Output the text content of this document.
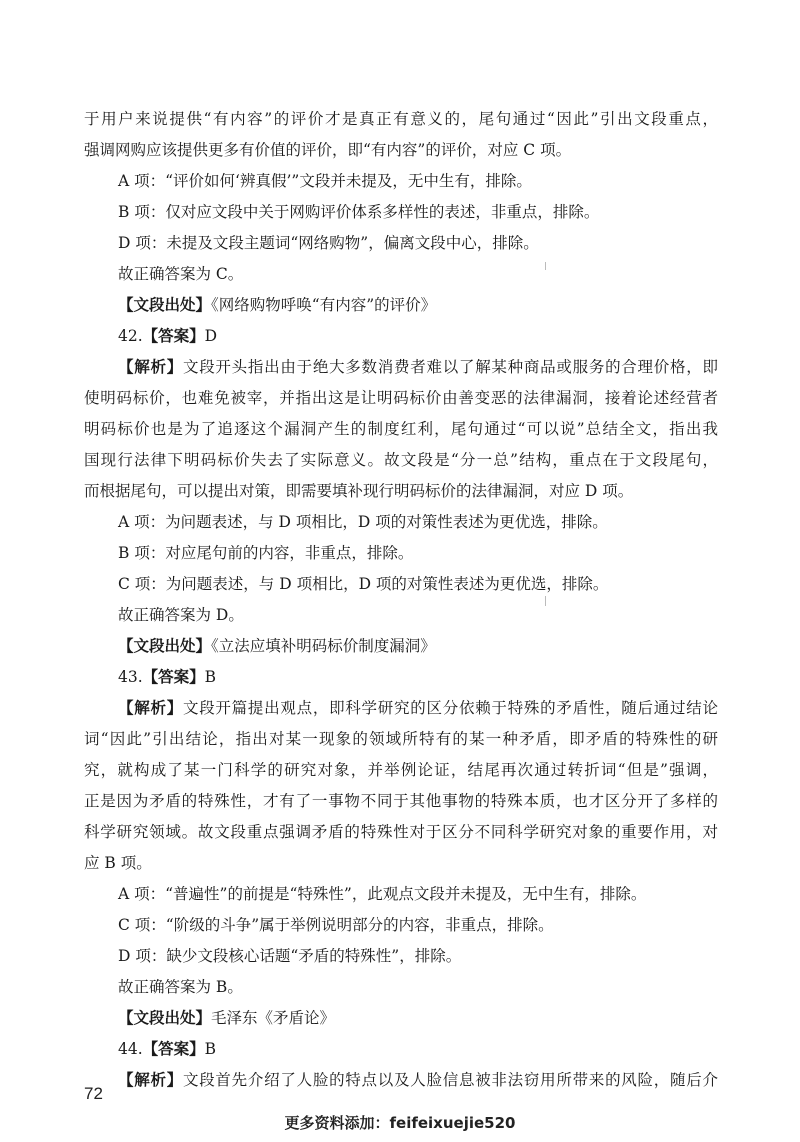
于用户来说提供“有内容”的评价才是真正有意义的，尾句通过“因此”引出文段重点，
强调网购应该提供更多有价值的评价，即“有内容”的评价，对应 C 项。
A 项：“评价如何‘辨真假’”文段并未提及，无中生有，排除。
B 项：仅对应文段中关于网购评价体系多样性的表述，非重点，排除。
D 项：未提及文段主题词“网络购物”，偏离文段中心，排除。
故正确答案为 C。
【文段出处】《网络购物呼唤“有内容”的评价》
42.【答案】D
【解析】文段开头指出由于绝大多数消费者难以了解某种商品或服务的合理价格，即
使明码标价，也难免被宰，并指出这是让明码标价由善变恶的法律漏洞，接着论述经营者
明码标价也是为了追逐这个漏洞产生的制度红利，尾句通过“可以说”总结全文，指出我
国现行法律下明码标价失去了实际意义。故文段是“分一总”结构，重点在于文段尾句，
而根据尾句，可以提出对策，即需要填补现行明码标价的法律漏洞，对应 D 项。
A 项：为问题表述，与 D 项相比，D 项的对策性表述为更优选，排除。
B 项：对应尾句前的内容，非重点，排除。
C 项：为问题表述，与 D 项相比，D 项的对策性表述为更优选，排除。
故正确答案为 D。
【文段出处】《立法应填补明码标价制度漏洞》
43.【答案】B
【解析】文段开篇提出观点，即科学研究的区分依赖于特殊的矛盾性，随后通过结论
词“因此”引出结论，指出对某一现象的领域所特有的某一种矛盾，即矛盾的特殊性的研
究，就构成了某一门科学的研究对象，并举例论证，结尾再次通过转折词“但是”强调，
正是因为矛盾的特殊性，才有了一事物不同于其他事物的特殊本质，也才区分开了多样的
科学研究领域。故文段重点强调矛盾的特殊性对于区分不同科学研究对象的重要作用，对
应 B 项。
A 项：“普遍性”的前提是“特殊性”，此观点文段并未提及，无中生有，排除。
C 项：“阶级的斗争”属于举例说明部分的内容，非重点，排除。
D 项：缺少文段核心话题“矛盾的特殊性”，排除。
故正确答案为 B。
【文段出处】毛泽东《矛盾论》
44.【答案】B
【解析】文段首先介绍了人脸的特点以及人脸信息被非法窃用所带来的风险，随后介
72
更多资料添加：feifeixuejie520
